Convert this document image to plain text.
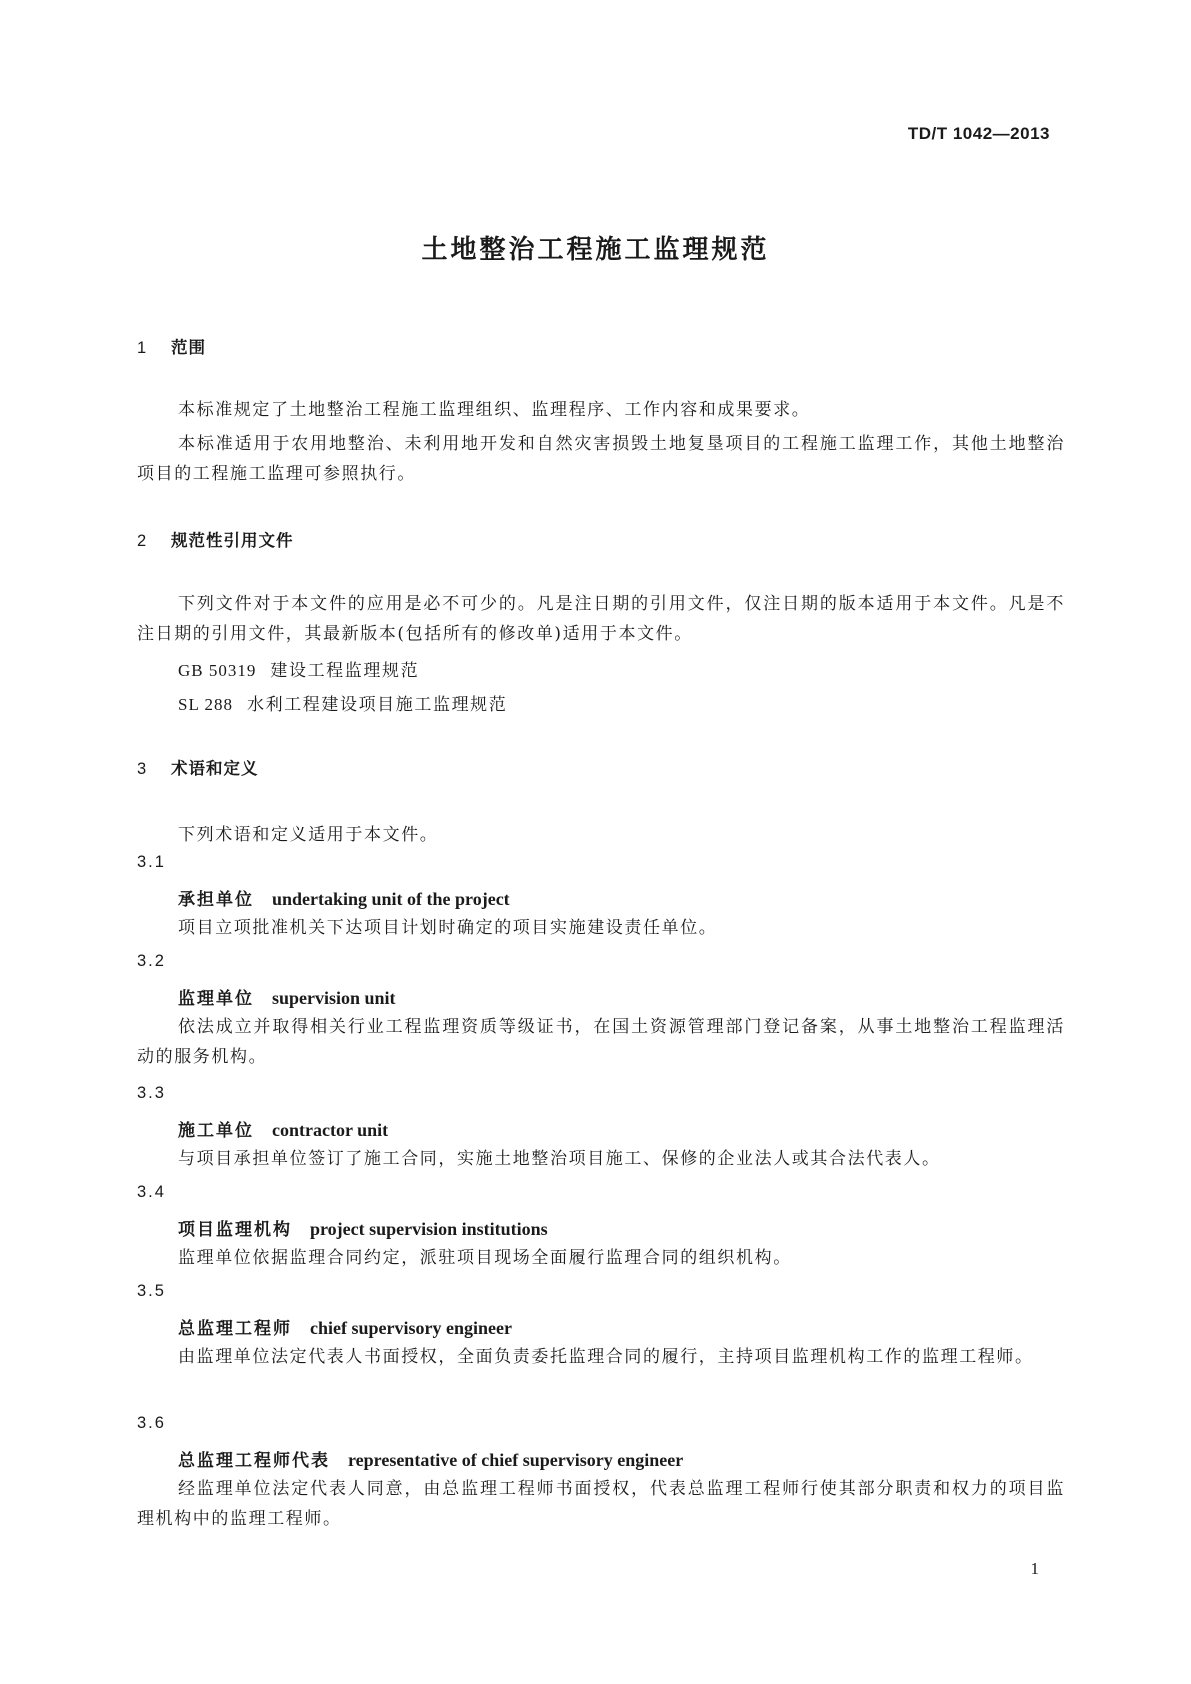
TD/T 1042—2013
土地整治工程施工监理规范
1 范围
本标准规定了土地整治工程施工监理组织、监理程序、工作内容和成果要求。
本标准适用于农用地整治、未利用地开发和自然灾害损毁土地复垦项目的工程施工监理工作，其他土地整治项目的工程施工监理可参照执行。
2 规范性引用文件
下列文件对于本文件的应用是必不可少的。凡是注日期的引用文件，仅注日期的版本适用于本文件。凡是不注日期的引用文件，其最新版本(包括所有的修改单)适用于本文件。
GB 50319 建设工程监理规范
SL 288 水利工程建设项目施工监理规范
3 术语和定义
下列术语和定义适用于本文件。
3.1
承担单位 undertaking unit of the project
项目立项批准机关下达项目计划时确定的项目实施建设责任单位。
3.2
监理单位 supervision unit
依法成立并取得相关行业工程监理资质等级证书，在国土资源管理部门登记备案，从事土地整治工程监理活动的服务机构。
3.3
施工单位 contractor unit
与项目承担单位签订了施工合同，实施土地整治项目施工、保修的企业法人或其合法代表人。
3.4
项目监理机构 project supervision institutions
监理单位依据监理合同约定，派驻项目现场全面履行监理合同的组织机构。
3.5
总监理工程师 chief supervisory engineer
由监理单位法定代表人书面授权，全面负责委托监理合同的履行，主持项目监理机构工作的监理工程师。
3.6
总监理工程师代表 representative of chief supervisory engineer
经监理单位法定代表人同意，由总监理工程师书面授权，代表总监理工程师行使其部分职责和权力的项目监理机构中的监理工程师。
1
